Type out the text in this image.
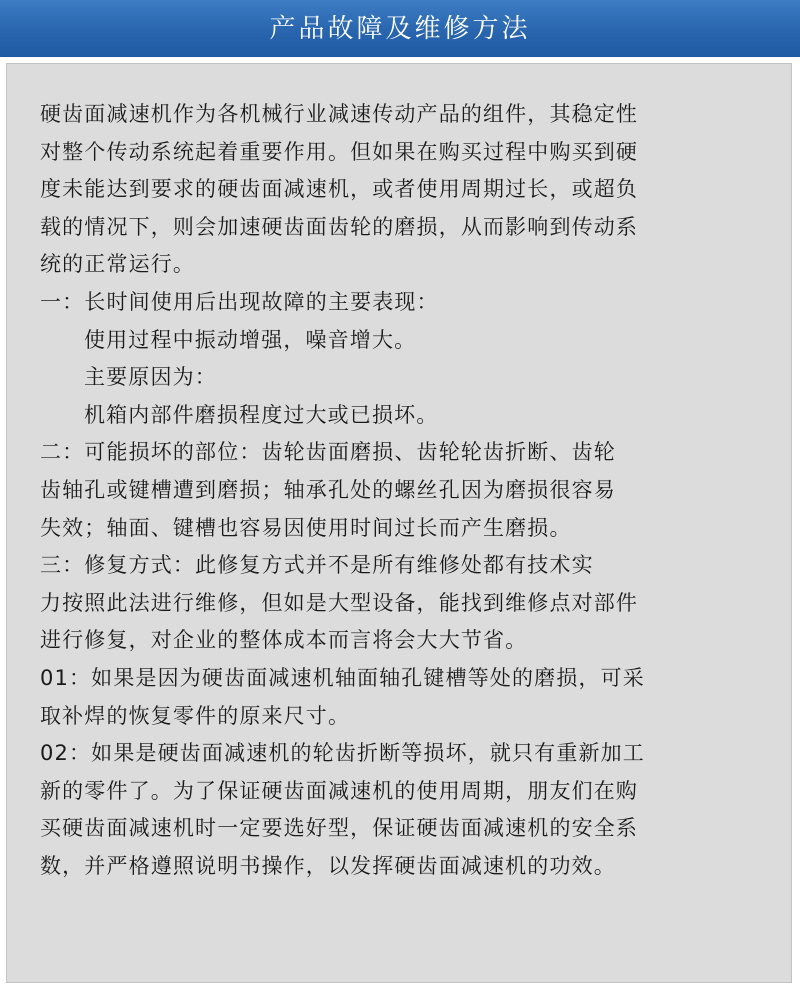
产品故障及维修方法
硬齿面减速机作为各机械行业减速传动产品的组件，其稳定性
对整个传动系统起着重要作用。但如果在购买过程中购买到硬
度未能达到要求的硬齿面减速机，或者使用周期过长，或超负
载的情况下，则会加速硬齿面齿轮的磨损，从而影响到传动系
统的正常运行。
一：长时间使用后出现故障的主要表现：
使用过程中振动增强，噪音增大。
主要原因为：
机箱内部件磨损程度过大或已损坏。
二：可能损坏的部位：齿轮齿面磨损、齿轮轮齿折断、齿轮
齿轴孔或键槽遭到磨损；轴承孔处的螺丝孔因为磨损很容易
失效；轴面、键槽也容易因使用时间过长而产生磨损。
三：修复方式：此修复方式并不是所有维修处都有技术实
力按照此法进行维修，但如是大型设备，能找到维修点对部件
进行修复，对企业的整体成本而言将会大大节省。
01：如果是因为硬齿面减速机轴面轴孔键槽等处的磨损，可采
取补焊的恢复零件的原来尺寸。
02：如果是硬齿面减速机的轮齿折断等损坏，就只有重新加工
新的零件了。为了保证硬齿面减速机的使用周期，朋友们在购
买硬齿面减速机时一定要选好型，保证硬齿面减速机的安全系
数，并严格遵照说明书操作，以发挥硬齿面减速机的功效。
